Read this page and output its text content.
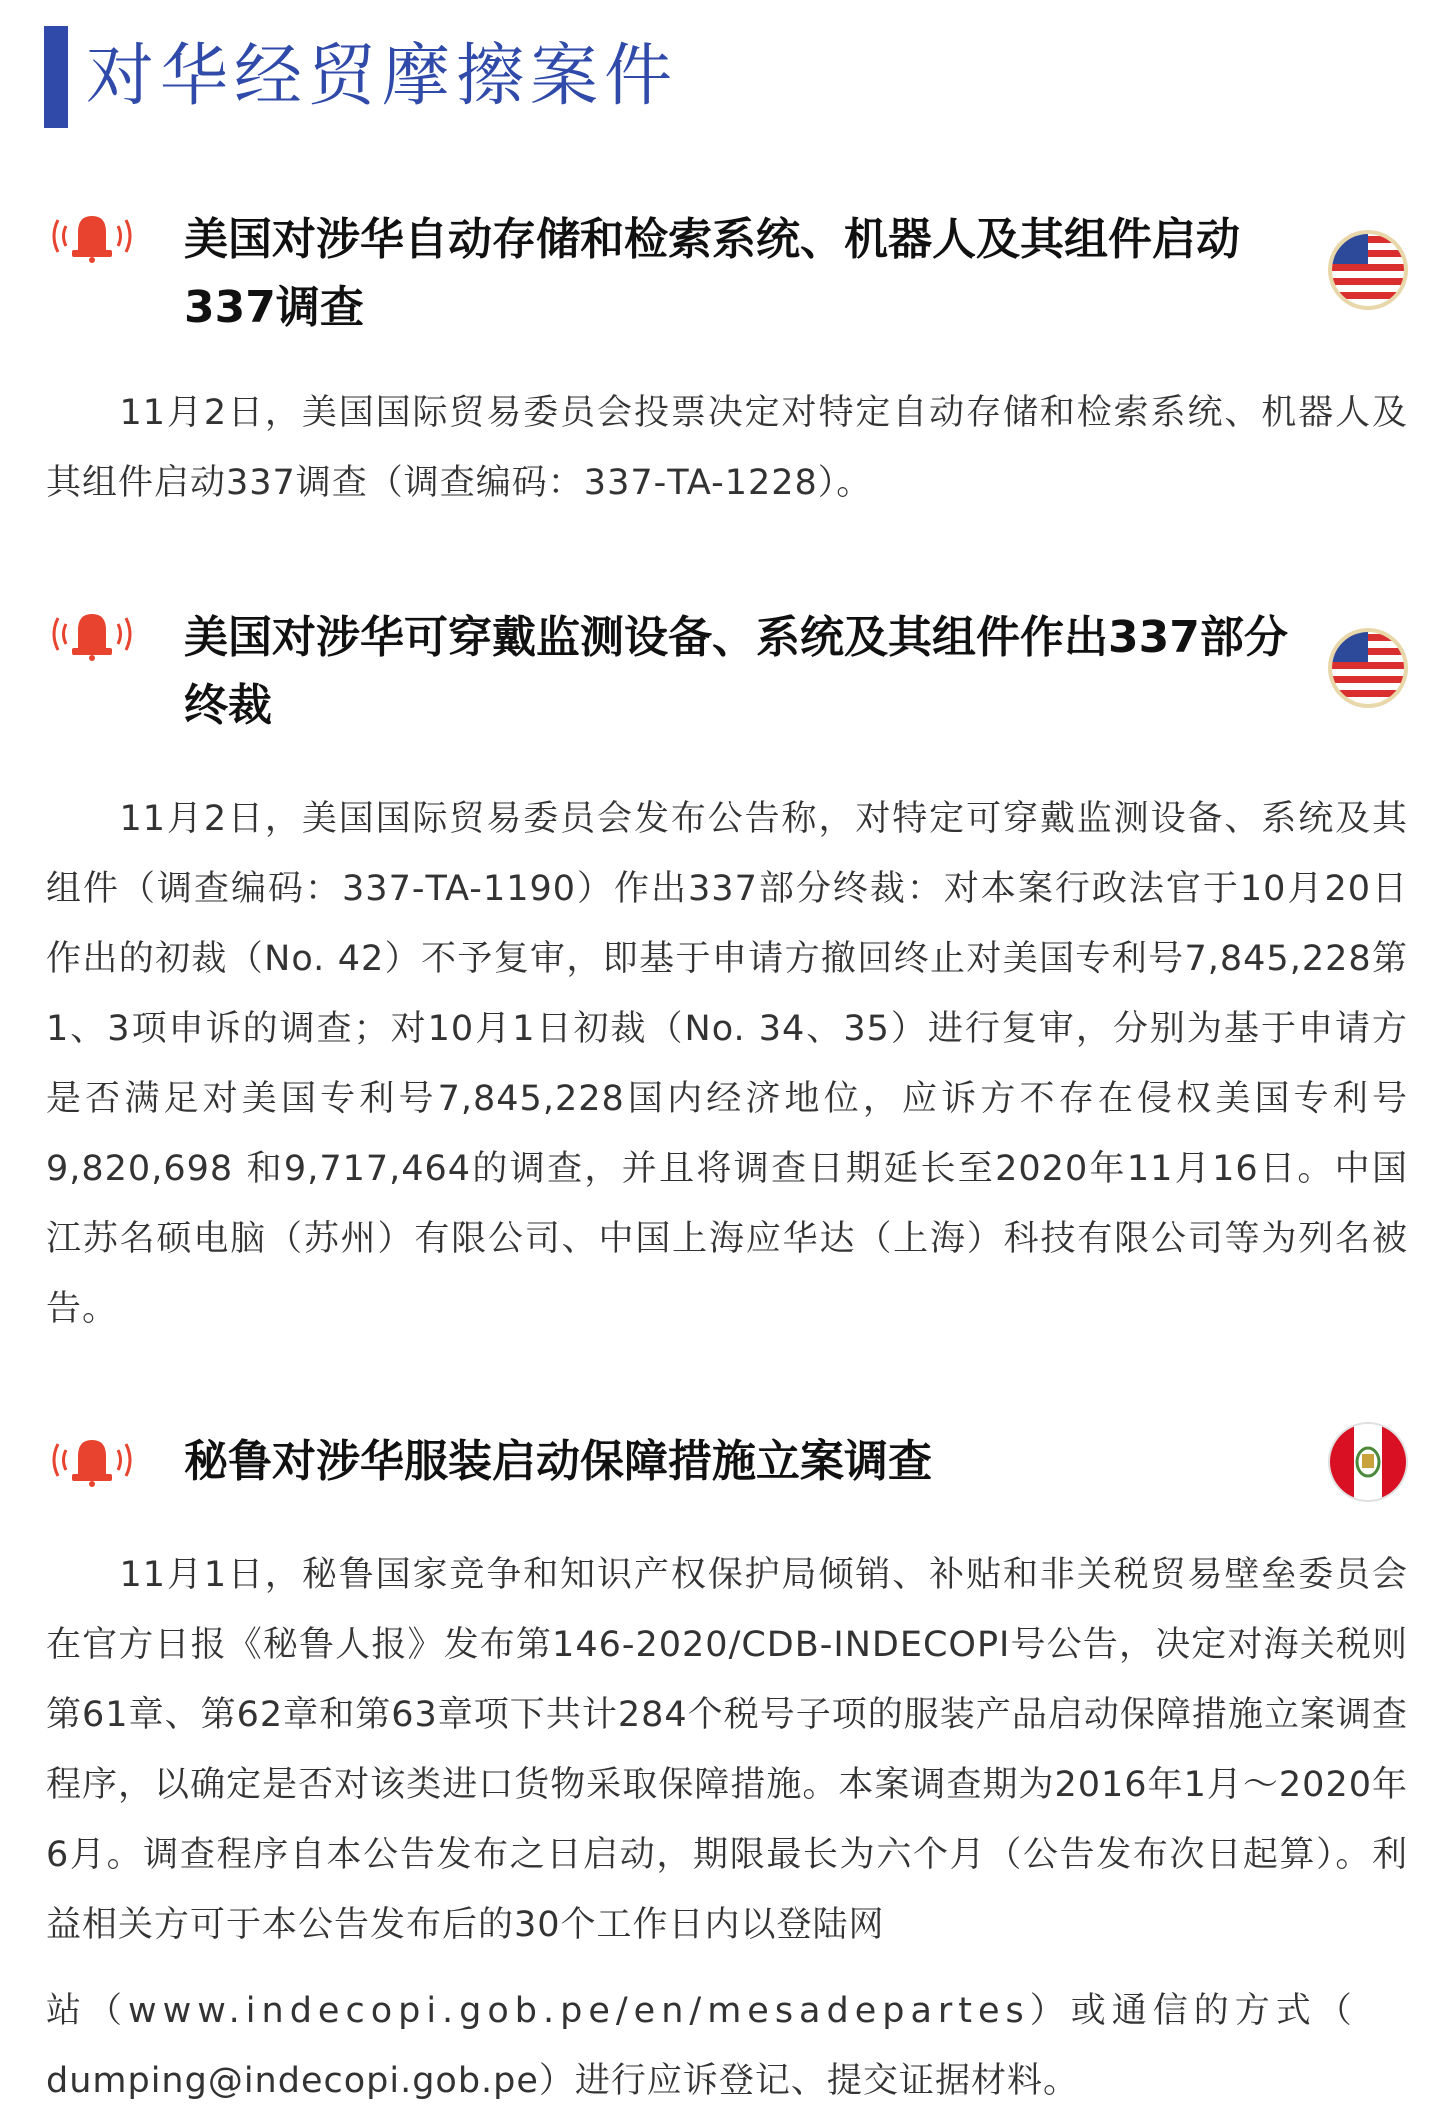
对华经贸摩擦案件
美国对涉华自动存储和检索系统、机器人及其组件启动
337调查

11月2日，美国国际贸易委员会投票决定对特定自动存储和检索系统、机器人及其组件启动337调查（调查编码：337-TA-1228）。

美国对涉华可穿戴监测设备、系统及其组件作出337部分
终裁

11月2日，美国国际贸易委员会发布公告称，对特定可穿戴监测设备、系统及其组件（调查编码：337-TA-1190）作出337部分终裁：对本案行政法官于10月20日作出的初裁（No. 42）不予复审，即基于申请方撤回终止对美国专利号7,845,228第1、3项申诉的调查；对10月1日初裁（No. 34、35）进行复审，分别为基于申请方是否满足对美国专利号7,845,228国内经济地位，应诉方不存在侵权美国专利号9,820,698 和9,717,464的调查，并且将调查日期延长至2020年11月16日。中国江苏名硕电脑（苏州）有限公司、中国上海应华达（上海）科技有限公司等为列名被告。

秘鲁对涉华服装启动保障措施立案调查

11月1日，秘鲁国家竞争和知识产权保护局倾销、补贴和非关税贸易壁垒委员会在官方日报《秘鲁人报》发布第146-2020/CDB-INDECOPI号公告，决定对海关税则第61章、第62章和第63章项下共计284个税号子项的服装产品启动保障措施立案调查程序，以确定是否对该类进口货物采取保障措施。本案调查期为2016年1月～2020年6月。调查程序自本公告发布之日启动，期限最长为六个月（公告发布次日起算）。利益相关方可于本公告发布后的30个工作日内以登陆网

站（www.indecopi.gob.pe/en/mesadepartes）或通信的方式（
dumping@indecopi.gob.pe）进行应诉登记、提交证据材料。
